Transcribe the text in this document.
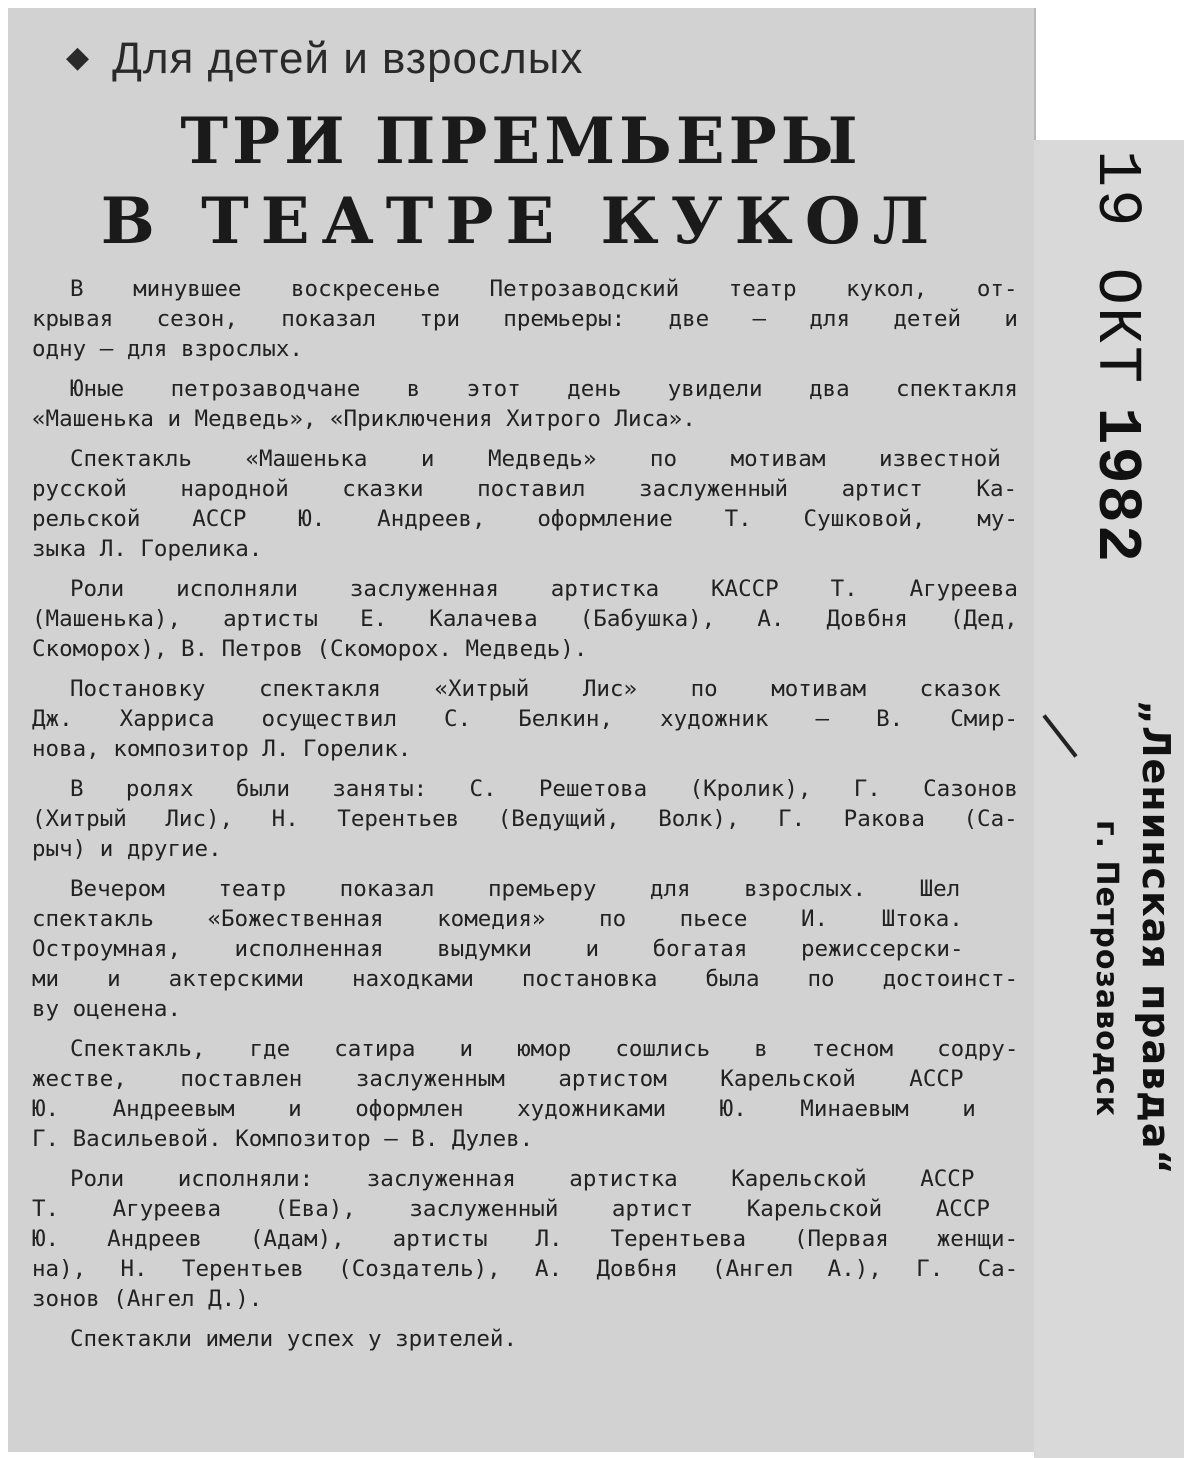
◆ Для детей и взрослых
ТРИ ПРЕМЬЕРЫ
В ТЕАТРЕ КУКОЛ
В минувшее воскресенье Петрозаводский театр кукол, от-
крывая сезон, показал три премьеры: две — для детей и
одну — для взрослых.
Юные петрозаводчане в этот день увидели два спектакля
«Машенька и Медведь», «Приключения Хитрого Лиса».
Спектакль «Машенька и Медведь» по мотивам известной
русской народной сказки поставил заслуженный артист Ка-
рельской АССР Ю. Андреев, оформление Т. Сушковой, му-
зыка Л. Горелика.
Роли исполняли заслуженная артистка КАССР Т. Агуреева
(Машенька), артисты Е. Калачева (Бабушка), А. Довбня (Дед,
Скоморох), В. Петров (Скоморох. Медведь).
Постановку спектакля «Хитрый Лис» по мотивам сказок
Дж. Харриса осуществил С. Белкин, художник — В. Смир-
нова, композитор Л. Горелик.
В ролях были заняты: С. Решетова (Кролик), Г. Сазонов
(Хитрый Лис), Н. Терентьев (Ведущий, Волк), Г. Ракова (Са-
рыч) и другие.
Вечером театр показал премьеру для взрослых. Шел
спектакль «Божественная комедия» по пьесе И. Штока.
Остроумная, исполненная выдумки и богатая режиссерски-
ми и актерскими находками постановка была по достоинст-
ву оценена.
Спектакль, где сатира и юмор сошлись в тесном содру-
жестве, поставлен заслуженным артистом Карельской АССР
Ю. Андреевым и оформлен художниками Ю. Минаевым и
Г. Васильевой. Композитор — В. Дулев.
Роли исполняли: заслуженная артистка Карельской АССР
Т. Агуреева (Ева), заслуженный артист Карельской АССР
Ю. Андреев (Адам), артисты Л. Терентьева (Первая женщи-
на), Н. Терентьев (Создатель), А. Довбня (Ангел А.), Г. Са-
зонов (Ангел Д.).
Спектакли имели успех у зрителей.
19 ОКТ1982
„Ленинская правда“
г. Петрозаводск
